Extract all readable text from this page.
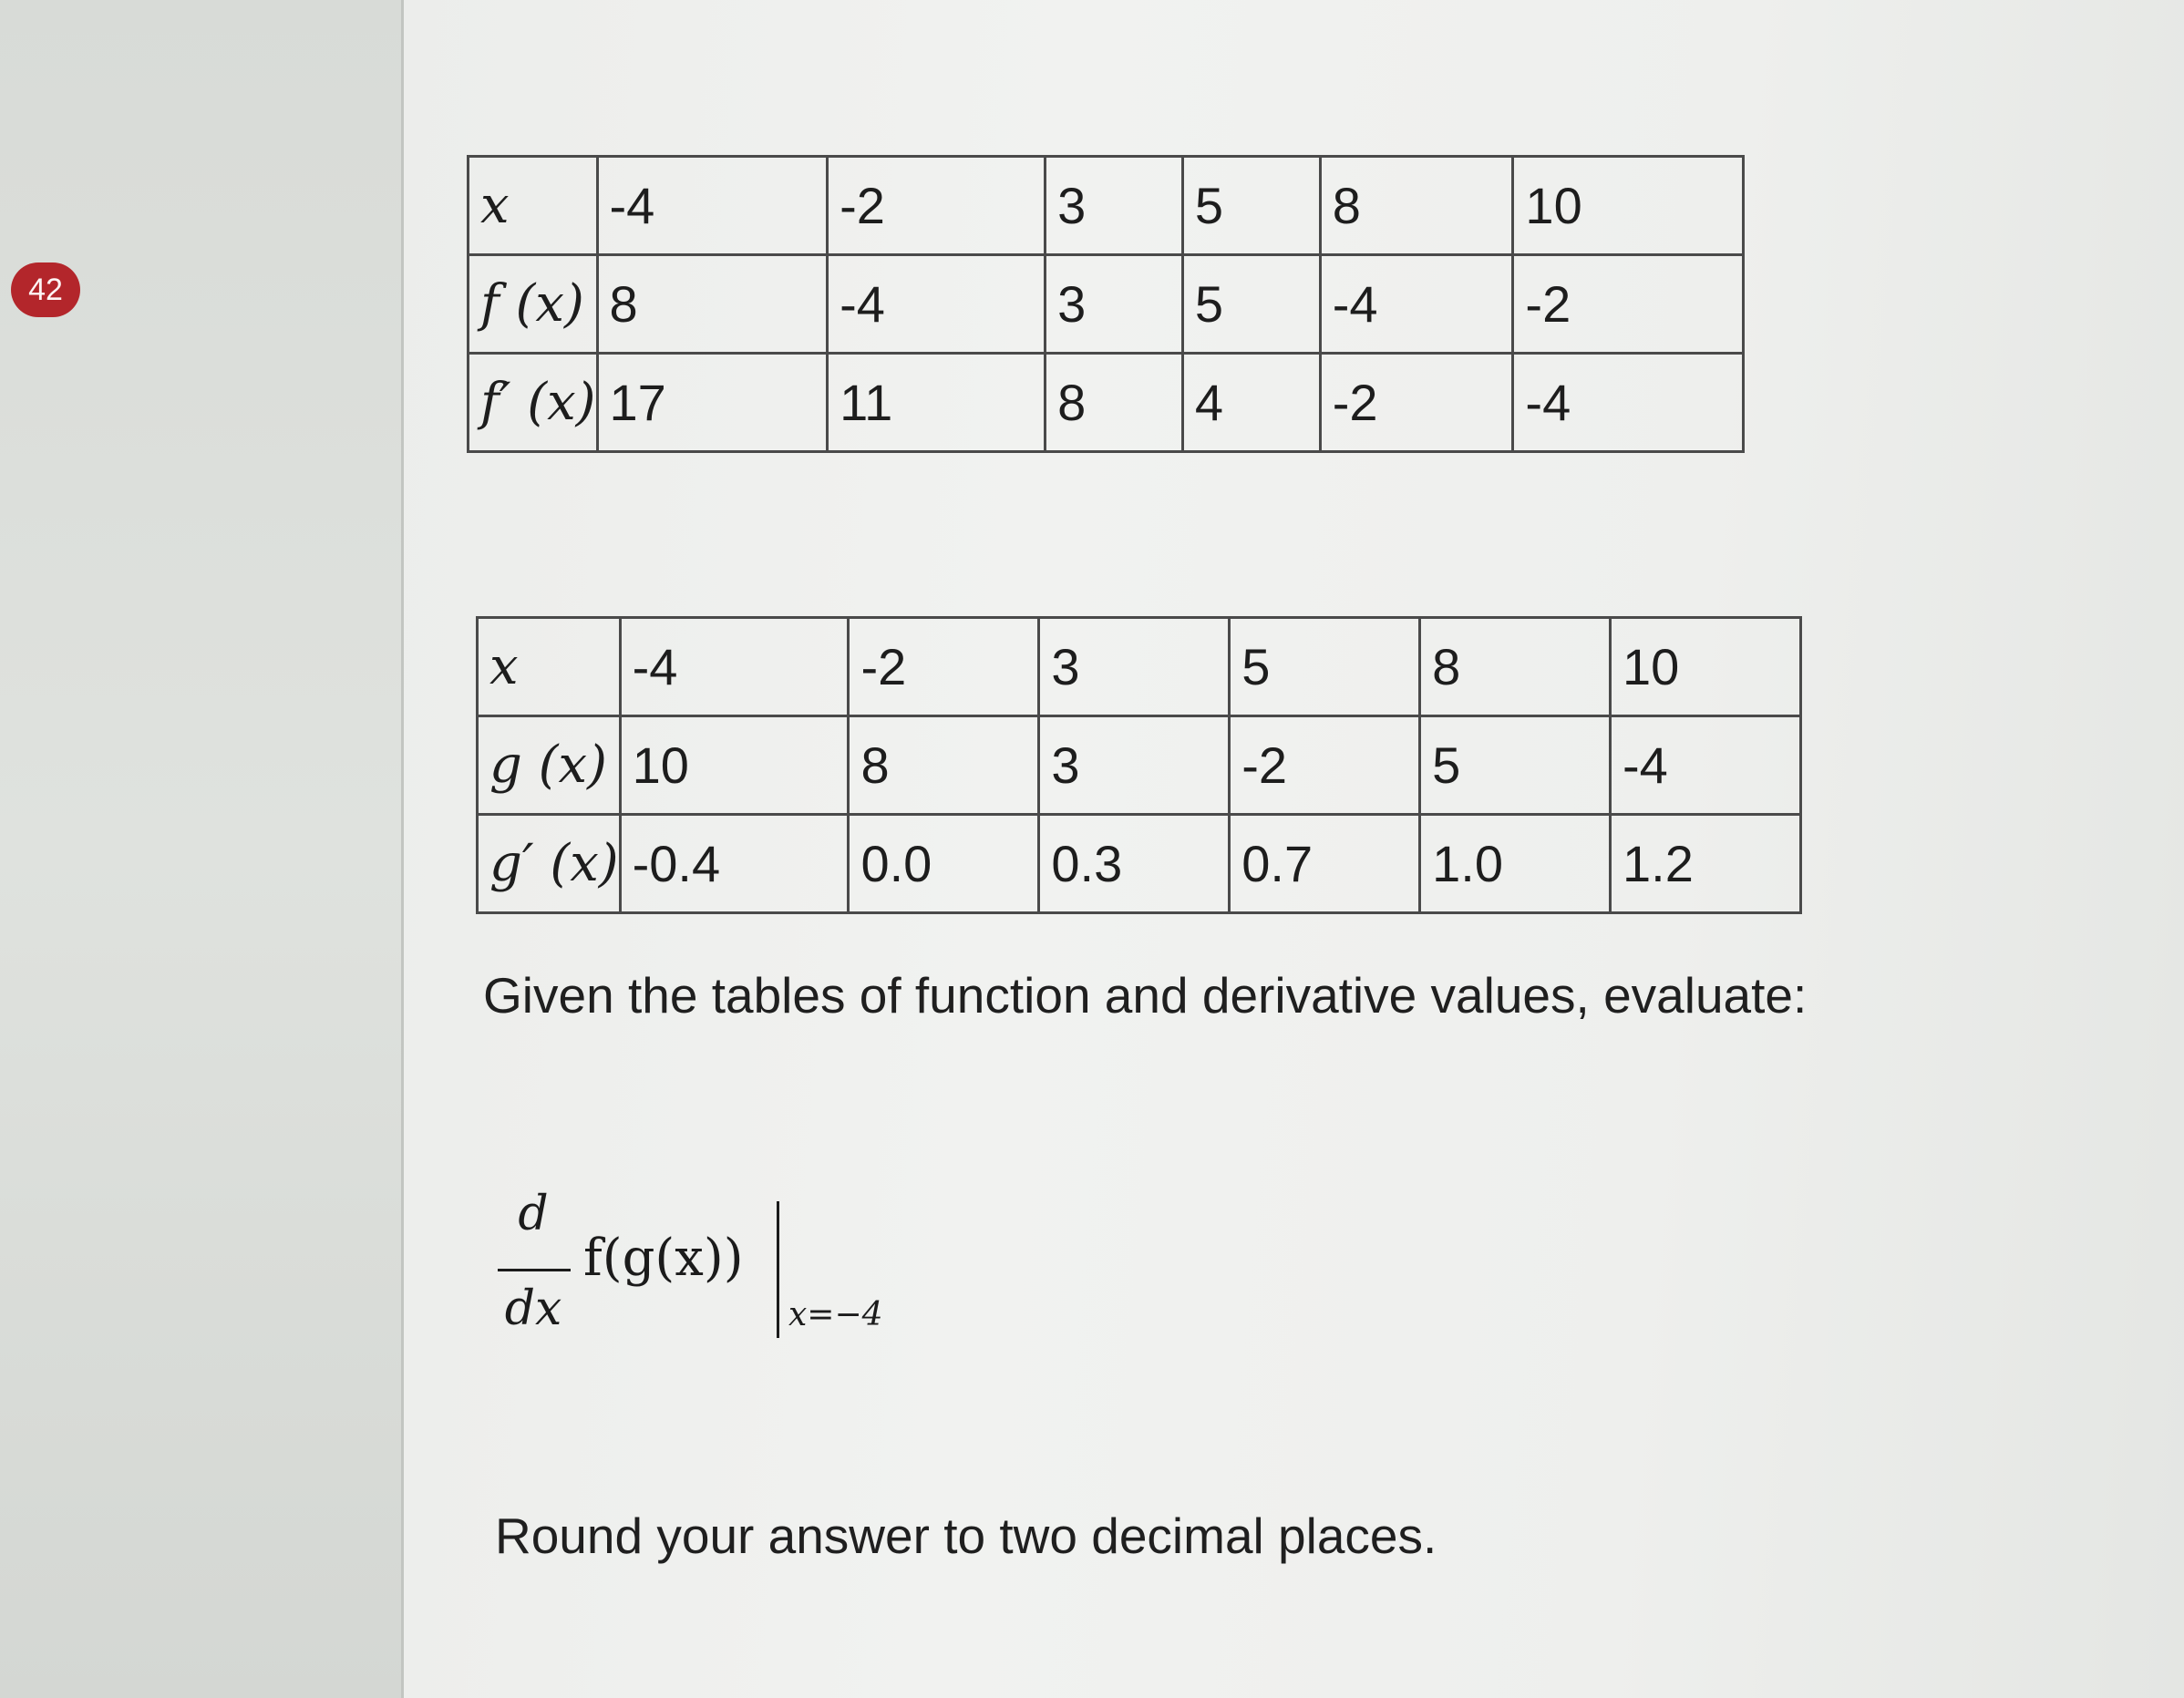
42
x	-4	-2	3	5	8	10
f (x)	8	-4	3	5	-4	-2
f′ (x)	17	11	8	4	-2	-4
x	-4	-2	3	5	8	10
g (x)	10	8	3	-2	5	-4
g′ (x)	-0.4	0.0	0.3	0.7	1.0	1.2
Given the tables of function and derivative values, evaluate:
d
dx
f(g(x))
x=−4
Round your answer to two decimal places.
